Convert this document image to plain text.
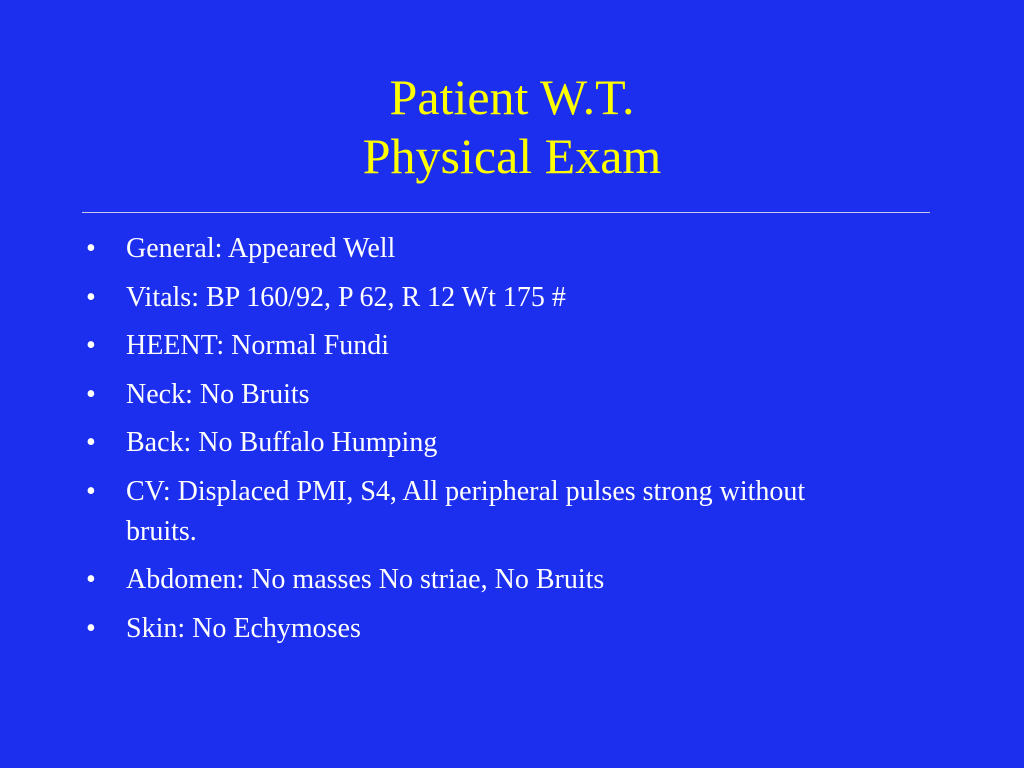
Patient W.T.
Physical Exam
•	General: Appeared Well
•	Vitals: BP 160/92, P 62, R 12 Wt 175 #
•	HEENT: Normal Fundi
•	Neck: No Bruits
•	Back: No Buffalo Humping
•	CV: Displaced PMI, S4, All peripheral pulses strong without bruits.
•	Abdomen: No masses No striae, No Bruits
•	Skin: No Echymoses
